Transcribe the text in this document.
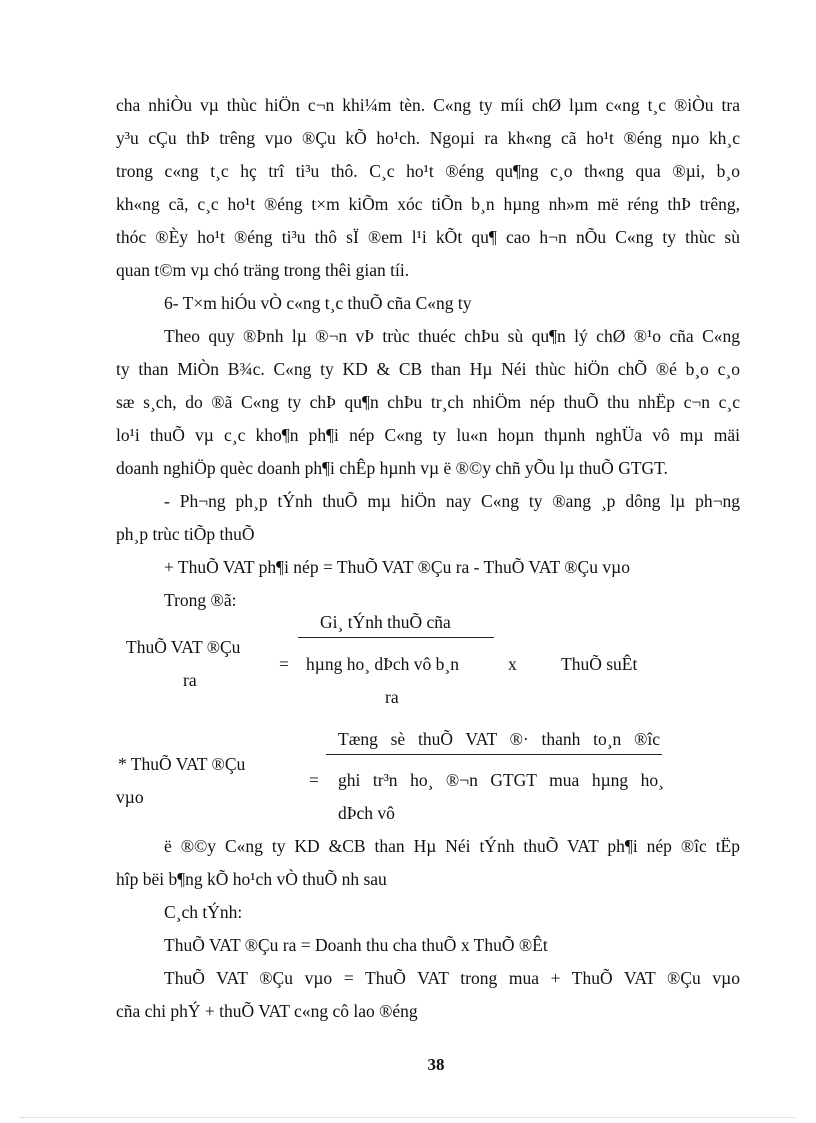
cha nhiÒu vµ thùc hiÖn c¬n khi¼m tèn. C«ng ty míi chØ lµm c«ng t¸c ®iÒu tra
y³u cÇu thÞ trêng vµo ®Çu kÕ ho¹ch. Ngoµi ra kh«ng cã ho¹t ®éng nµo kh¸c
trong c«ng t¸c hç trî ti³u thô. C¸c ho¹t ®éng qu¶ng c¸o th«ng qua ®µi, b¸o
kh«ng cã, c¸c ho¹t ®éng t×m kiÕm xóc tiÕn b¸n hµng nh»m më réng thÞ trêng,
thóc ®Èy ho¹t ®éng ti³u thô sÏ ®em l¹i kÕt qu¶ cao h¬n nÕu C«ng ty thùc sù
quan t©m vµ chó träng trong thêi gian tíi.
6- T×m hiÓu vÒ c«ng t¸c thuÕ cña C«ng ty
Theo quy ®Þnh lµ ®¬n vÞ trùc thuéc chÞu sù qu¶n lý chØ ®¹o cña C«ng
ty than MiÒn B¾c. C«ng ty KD & CB than Hµ Néi thùc hiÖn chÕ ®é b¸o c¸o
sæ s¸ch, do ®ã C«ng ty chÞ qu¶n chÞu tr¸ch nhiÖm nép thuÕ thu nhËp c¬n c¸c
lo¹i thuÕ vµ c¸c kho¶n ph¶i nép C«ng ty lu«n hoµn thµnh nghÜa vô mµ mäi
doanh nghiÖp quèc doanh ph¶i chÊp hµnh vµ ë ®©y chñ yÕu lµ thuÕ GTGT.
- Ph¬ng ph¸p tÝnh thuÕ mµ hiÖn nay C«ng ty ®ang ¸p dông lµ ph¬ng
ph¸p trùc tiÕp thuÕ
+ ThuÕ VAT ph¶i nép = ThuÕ VAT ®Çu ra - ThuÕ VAT ®Çu vµo
Trong ®ã:
ThuÕ VAT ®Çu
ra
Gi¸ tÝnh thuÕ cña
= hµng ho¸ dÞch vô b¸n
ra
x	ThuÕ suÊt
* ThuÕ VAT ®Çu
vµo
Tæng sè thuÕ VAT ®· thanh to¸n ®îc
= ghi tr³n ho¸ ®¬n GTGT mua hµng ho¸
dÞch vô
ë ®©y C«ng ty KD &CB than Hµ Néi tÝnh thuÕ VAT ph¶i nép ®îc tËp
hîp bëi b¶ng kÕ ho¹ch vÒ thuÕ nh sau
C¸ch tÝnh:
ThuÕ VAT ®Çu ra = Doanh thu cha thuÕ x ThuÕ ®Êt
ThuÕ VAT ®Çu vµo = ThuÕ VAT trong mua + ThuÕ VAT ®Çu vµo
cña chi phÝ + thuÕ VAT c«ng cô lao ®éng
38
